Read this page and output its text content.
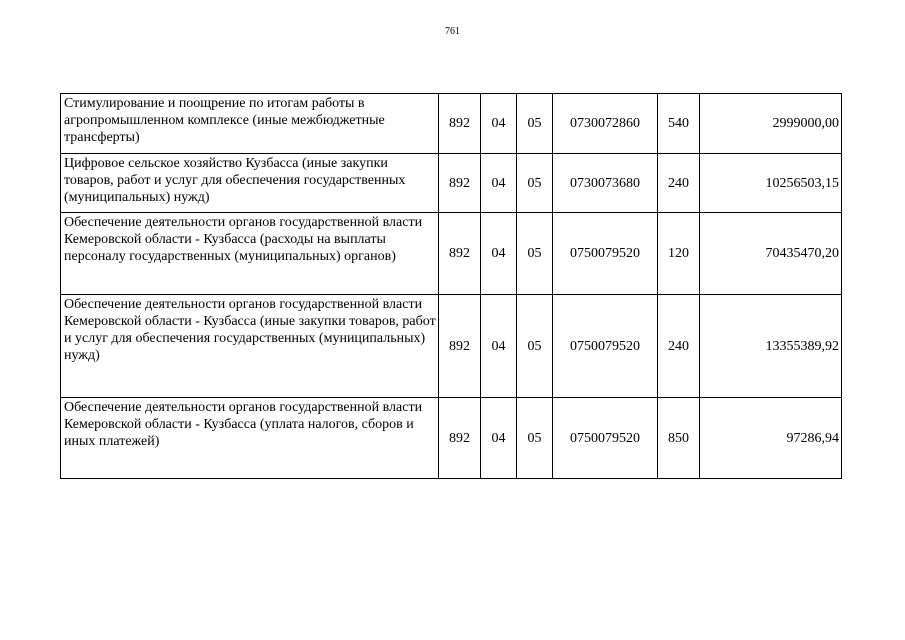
761
Стимулирование и поощрение по итогам работы в агропромышленном комплексе (иные межбюджетные трансферты)	892	04	05	0730072860	540	2999000,00
Цифровое сельское хозяйство Кузбасса (иные закупки товаров, работ и услуг для обеспечения государственных (муниципальных) нужд)	892	04	05	0730073680	240	10256503,15
Обеспечение деятельности органов государственной власти Кемеровской области - Кузбасса (расходы на выплаты персоналу государственных (муниципальных) органов)	892	04	05	0750079520	120	70435470,20
Обеспечение деятельности органов государственной власти Кемеровской области - Кузбасса (иные закупки товаров, работ и услуг для обеспечения государственных (муниципальных) нужд)	892	04	05	0750079520	240	13355389,92
Обеспечение деятельности органов государственной власти Кемеровской области - Кузбасса (уплата налогов, сборов и иных платежей)	892	04	05	0750079520	850	97286,94
